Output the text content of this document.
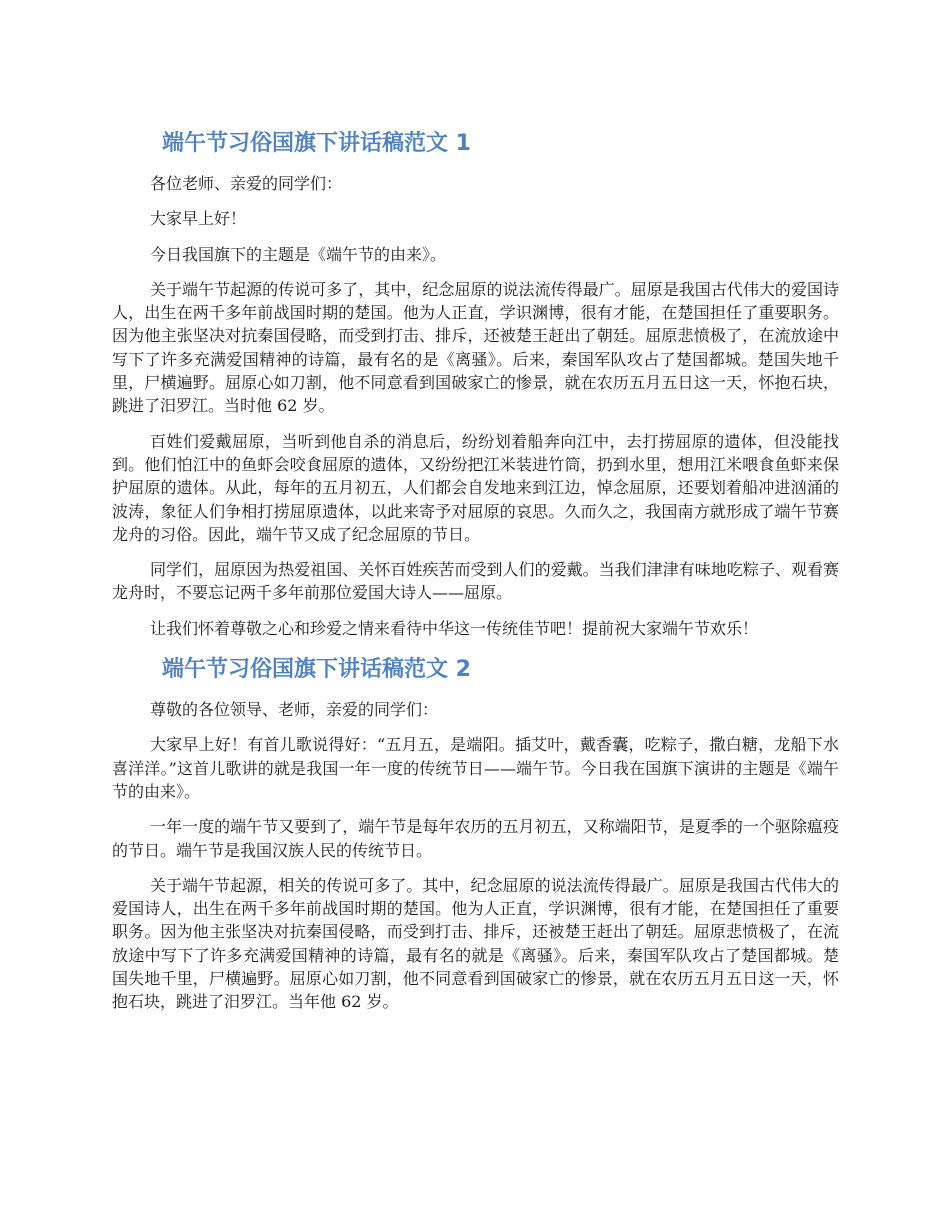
端午节习俗国旗下讲话稿范文 1

各位老师、亲爱的同学们：

大家早上好！

今日我国旗下的主题是《端午节的由来》。

关于端午节起源的传说可多了，其中，纪念屈原的说法流传得最广。屈原是我国古代伟大的爱国诗人，出生在两千多年前战国时期的楚国。他为人正直，学识渊博，很有才能，在楚国担任了重要职务。因为他主张坚决对抗秦国侵略，而受到打击、排斥，还被楚王赶出了朝廷。屈原悲愤极了，在流放途中写下了许多充满爱国精神的诗篇，最有名的是《离骚》。后来，秦国军队攻占了楚国都城。楚国失地千里，尸横遍野。屈原心如刀割，他不同意看到国破家亡的惨景，就在农历五月五日这一天，怀抱石块，跳进了汨罗江。当时他 62 岁。

百姓们爱戴屈原，当听到他自杀的消息后，纷纷划着船奔向江中，去打捞屈原的遗体，但没能找到。他们怕江中的鱼虾会咬食屈原的遗体，又纷纷把江米装进竹筒，扔到水里，想用江米喂食鱼虾来保护屈原的遗体。从此，每年的五月初五，人们都会自发地来到江边，悼念屈原，还要划着船冲进汹涌的波涛，象征人们争相打捞屈原遗体，以此来寄予对屈原的哀思。久而久之，我国南方就形成了端午节赛龙舟的习俗。因此，端午节又成了纪念屈原的节日。

同学们，屈原因为热爱祖国、关怀百姓疾苦而受到人们的爱戴。当我们津津有味地吃粽子、观看赛龙舟时，不要忘记两千多年前那位爱国大诗人——屈原。

让我们怀着尊敬之心和珍爱之情来看待中华这一传统佳节吧！提前祝大家端午节欢乐！

端午节习俗国旗下讲话稿范文 2

尊敬的各位领导、老师，亲爱的同学们：

大家早上好！有首儿歌说得好：“五月五，是端阳。插艾叶，戴香囊，吃粽子，撒白糖，龙船下水喜洋洋。”这首儿歌讲的就是我国一年一度的传统节日——端午节。今日我在国旗下演讲的主题是《端午节的由来》。

一年一度的端午节又要到了，端午节是每年农历的五月初五，又称端阳节，是夏季的一个驱除瘟疫的节日。端午节是我国汉族人民的传统节日。

关于端午节起源，相关的传说可多了。其中，纪念屈原的说法流传得最广。屈原是我国古代伟大的爱国诗人，出生在两千多年前战国时期的楚国。他为人正直，学识渊博，很有才能，在楚国担任了重要职务。因为他主张坚决对抗秦国侵略，而受到打击、排斥，还被楚王赶出了朝廷。屈原悲愤极了，在流放途中写下了许多充满爱国精神的诗篇，最有名的就是《离骚》。后来，秦国军队攻占了楚国都城。楚国失地千里，尸横遍野。屈原心如刀割，他不同意看到国破家亡的惨景，就在农历五月五日这一天，怀抱石块，跳进了汨罗江。当年他 62 岁。
